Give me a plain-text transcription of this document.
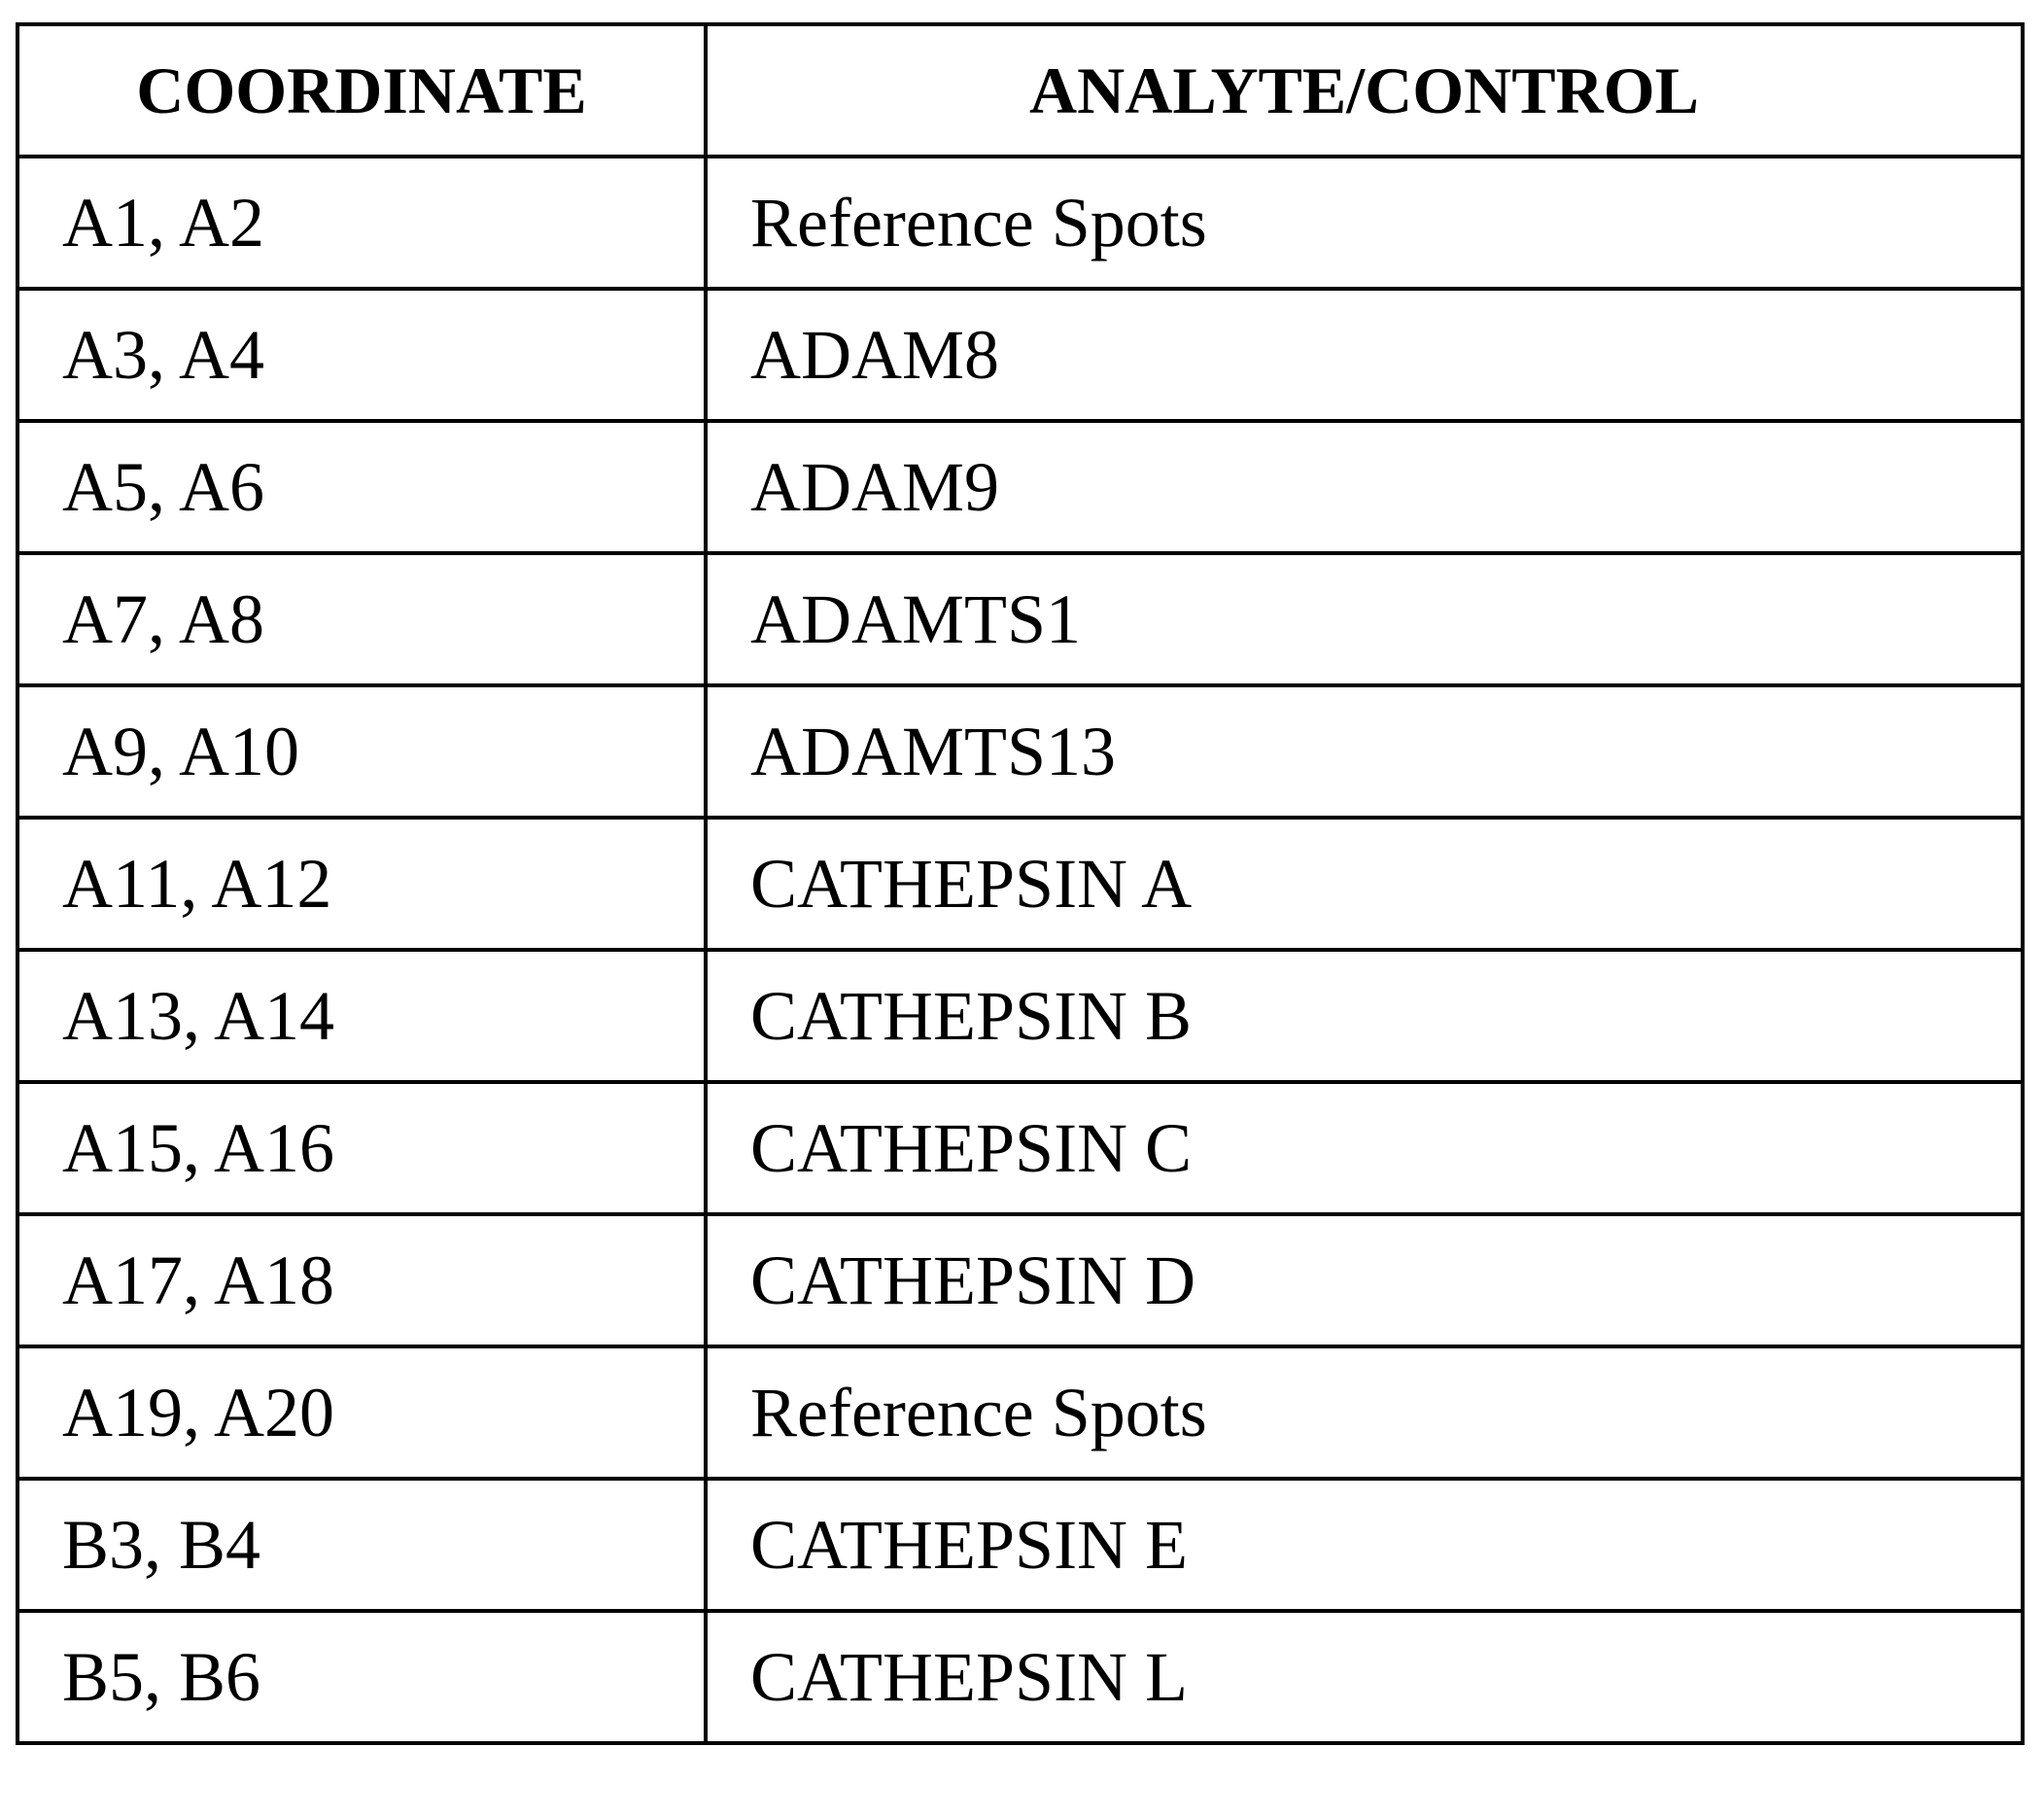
COORDINATE	ANALYTE/CONTROL
A1, A2	Reference Spots
A3, A4	ADAM8
A5, A6	ADAM9
A7, A8	ADAMTS1
A9, A10	ADAMTS13
A11, A12	CATHEPSIN A
A13, A14	CATHEPSIN B
A15, A16	CATHEPSIN C
A17, A18	CATHEPSIN D
A19, A20	Reference Spots
B3, B4	CATHEPSIN E
B5, B6	CATHEPSIN L
